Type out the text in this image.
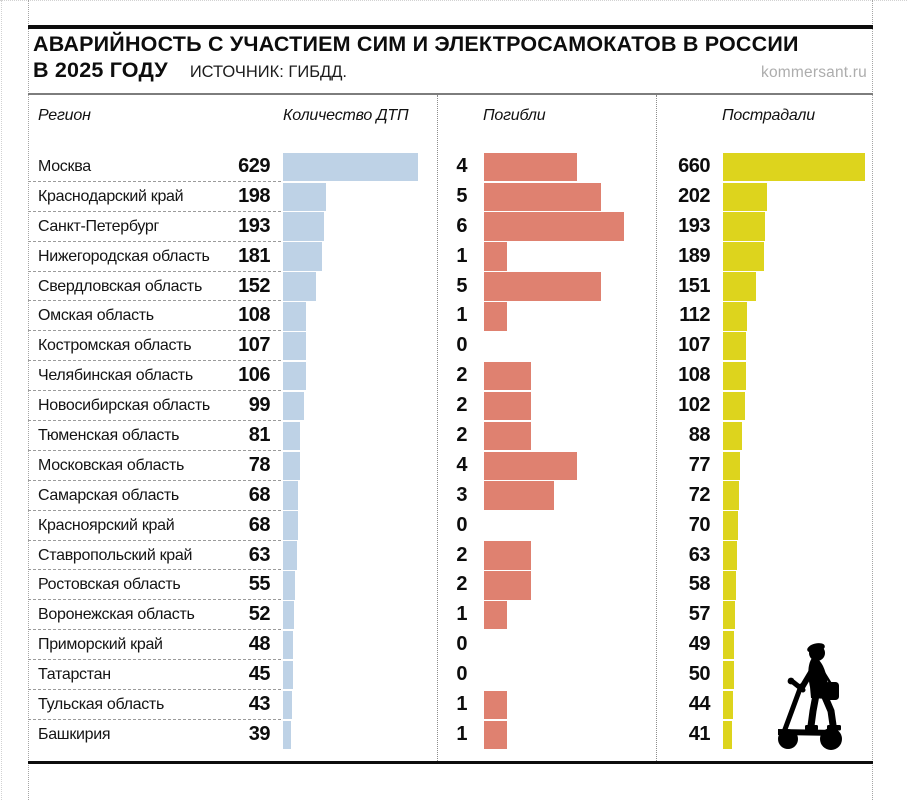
АВАРИЙНОСТЬ С УЧАСТИЕМ СИМ И ЭЛЕКТРОСАМОКАТОВ В РОССИИ
В 2025 ГОДУ ИСТОЧНИК: ГИБДД.	kommersant.ru
Регион	Количество ДТП	Погибли	Пострадали
Москва	629	4	660
Краснодарский край	198	5	202
Санкт-Петербург	193	6	193
Нижегородская область	181	1	189
Свердловская область	152	5	151
Омская область	108	1	112
Костромская область	107	0	107
Челябинская область	106	2	108
Новосибирская область	99	2	102
Тюменская область	81	2	88
Московская область	78	4	77
Самарская область	68	3	72
Красноярский край	68	0	70
Ставропольский край	63	2	63
Ростовская область	55	2	58
Воронежская область	52	1	57
Приморский край	48	0	49
Татарстан	45	0	50
Тульская область	43	1	44
Башкирия	39	1	41
